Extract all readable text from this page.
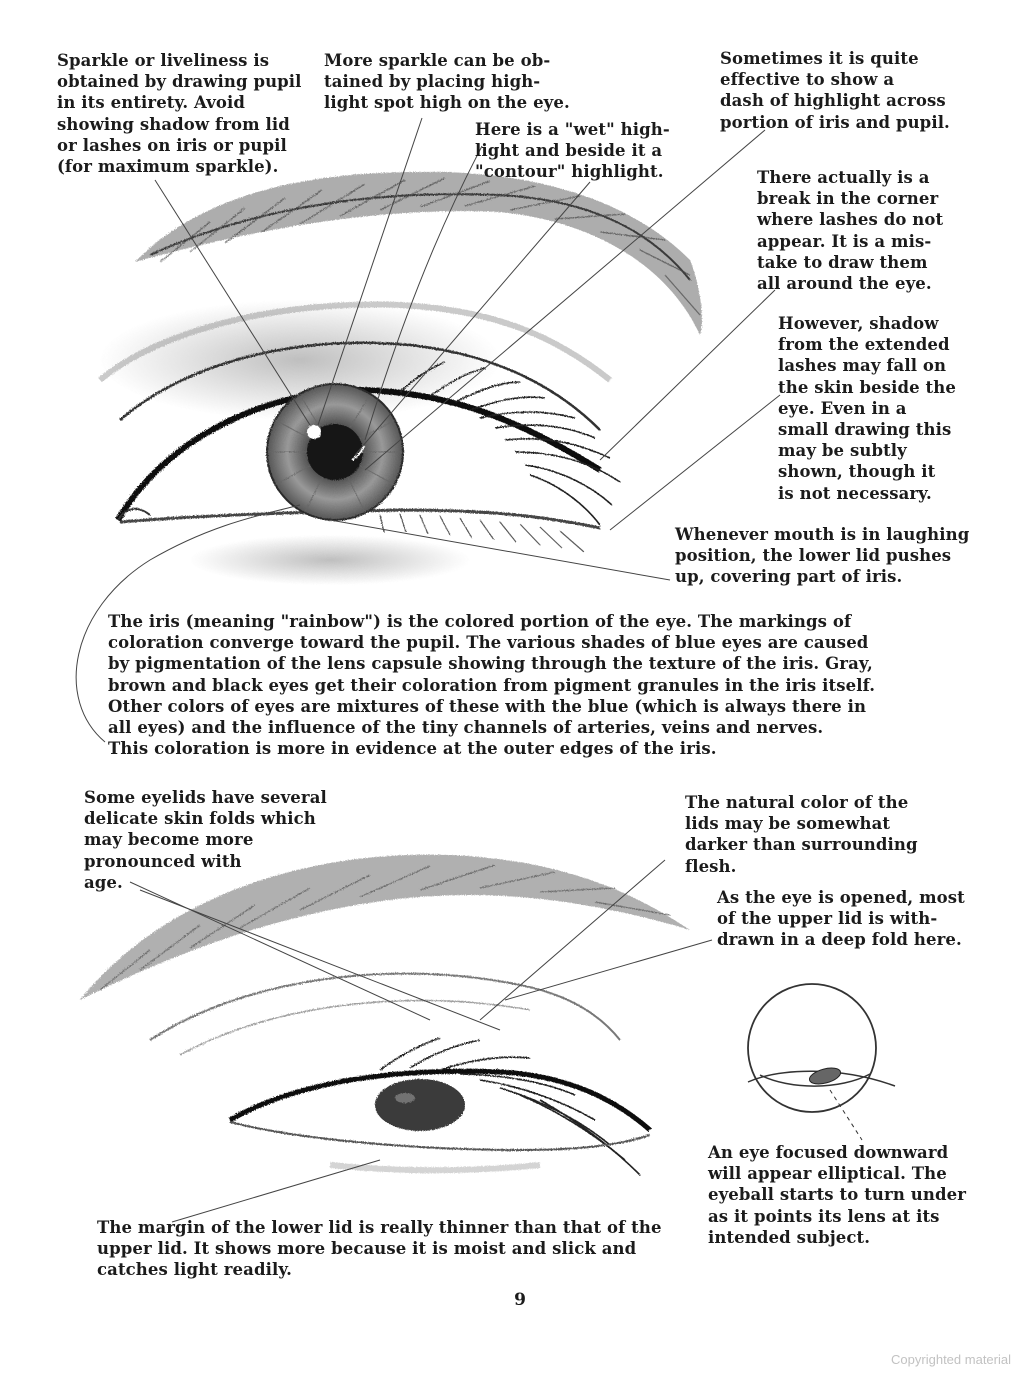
Sparkle or liveliness is
obtained by drawing pupil
in its entirety. Avoid
showing shadow from lid
or lashes on iris or pupil
(for maximum sparkle).

More sparkle can be ob-
tained by placing high-
light spot high on the eye.

Here is a "wet" high-
light and beside it a
"contour" highlight.

Sometimes it is quite
effective to show a
dash of highlight across
portion of iris and pupil.

There actually is a
break in the corner
where lashes do not
appear. It is a mis-
take to draw them
all around the eye.

However, shadow
from the extended
lashes may fall on
the skin beside the
eye. Even in a
small drawing this
may be subtly
shown, though it
is not necessary.

Whenever mouth is in laughing
position, the lower lid pushes
up, covering part of iris.

The iris (meaning "rainbow") is the colored portion of the eye. The markings of
coloration converge toward the pupil. The various shades of blue eyes are caused
by pigmentation of the lens capsule showing through the texture of the iris. Gray,
brown and black eyes get their coloration from pigment granules in the iris itself.
Other colors of eyes are mixtures of these with the blue (which is always there in
all eyes) and the influence of the tiny channels of arteries, veins and nerves.
This coloration is more in evidence at the outer edges of the iris.

Some eyelids have several
delicate skin folds which
may become more
pronounced with
age.

The natural color of the
lids may be somewhat
darker than surrounding
flesh.

As the eye is opened, most
of the upper lid is with-
drawn in a deep fold here.

An eye focused downward
will appear elliptical. The
eyeball starts to turn under
as it points its lens at its
intended subject.

The margin of the lower lid is really thinner than that of the
upper lid. It shows more because it is moist and slick and
catches light readily.

9
Copyrighted material
